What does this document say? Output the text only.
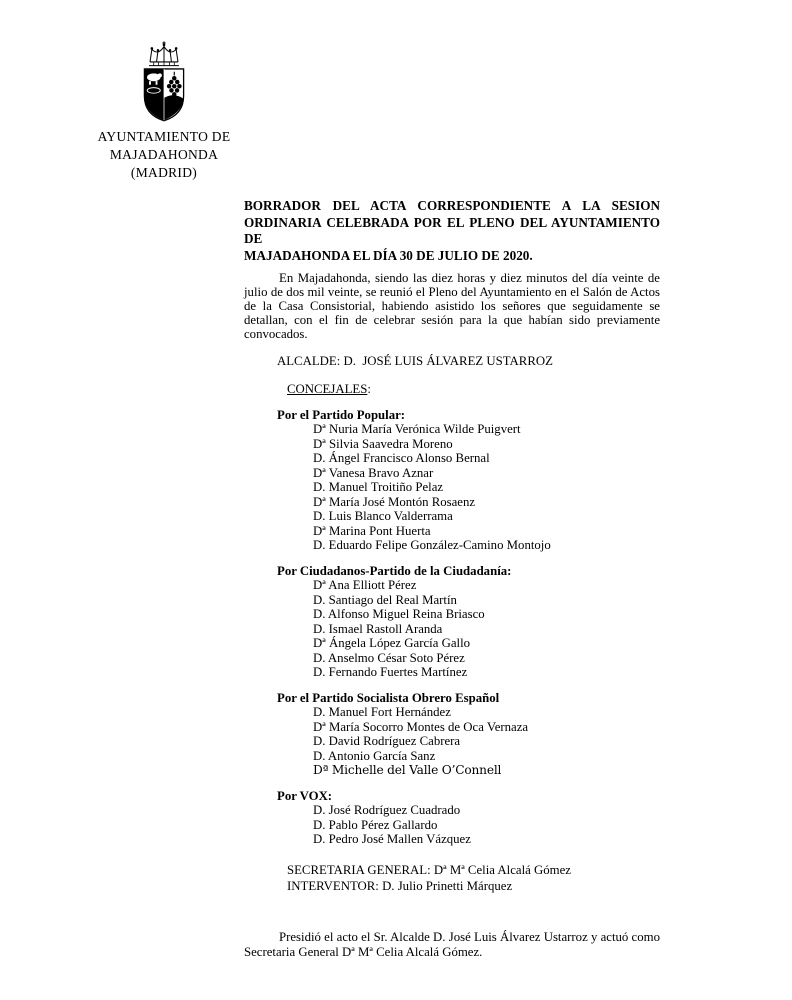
AYUNTAMIENTO DE
MAJADAHONDA
(MADRID)
BORRADOR DEL ACTA CORRESPONDIENTE A LA SESION
ORDINARIA CELEBRADA POR EL PLENO DEL AYUNTAMIENTO DE
MAJADAHONDA EL DÍA 30 DE JULIO DE 2020.
En Majadahonda, siendo las diez horas y diez minutos del día veinte de julio de dos mil veinte, se reunió el Pleno del Ayuntamiento en el Salón de Actos de la Casa Consistorial, habiendo asistido los señores que seguidamente se detallan, con el fin de celebrar sesión para la que habían sido previamente convocados.
ALCALDE: D.  JOSÉ LUIS ÁLVAREZ USTARROZ
CONCEJALES:
Por el Partido Popular:
Dª Nuria María Verónica Wilde Puigvert
Dª Silvia Saavedra Moreno
D. Ángel Francisco Alonso Bernal
Dª Vanesa Bravo Aznar
D. Manuel Troitiño Pelaz
Dª María José Montón Rosaenz
D. Luis Blanco Valderrama
Dª Marina Pont Huerta
D. Eduardo Felipe González-Camino Montojo
Por Ciudadanos-Partido de la Ciudadanía:
Dª Ana Elliott Pérez
D. Santiago del Real Martín
D. Alfonso Miguel Reina Briasco
D. Ismael Rastoll Aranda
Dª Ángela López García Gallo
D. Anselmo César Soto Pérez
D. Fernando Fuertes Martínez
Por el Partido Socialista Obrero Español
D. Manuel Fort Hernández
Dª María Socorro Montes de Oca Vernaza
D. David Rodríguez Cabrera
D. Antonio García Sanz
Dª Michelle del Valle O’Connell
Por VOX:
D. José Rodríguez Cuadrado
D. Pablo Pérez Gallardo
D. Pedro José Mallen Vázquez
SECRETARIA GENERAL: Dª Mª Celia Alcalá Gómez
INTERVENTOR: D. Julio Prinetti Márquez
Presidió el acto el Sr. Alcalde D. José Luis Álvarez Ustarroz y actuó como Secretaria General Dª Mª Celia Alcalá Gómez.
